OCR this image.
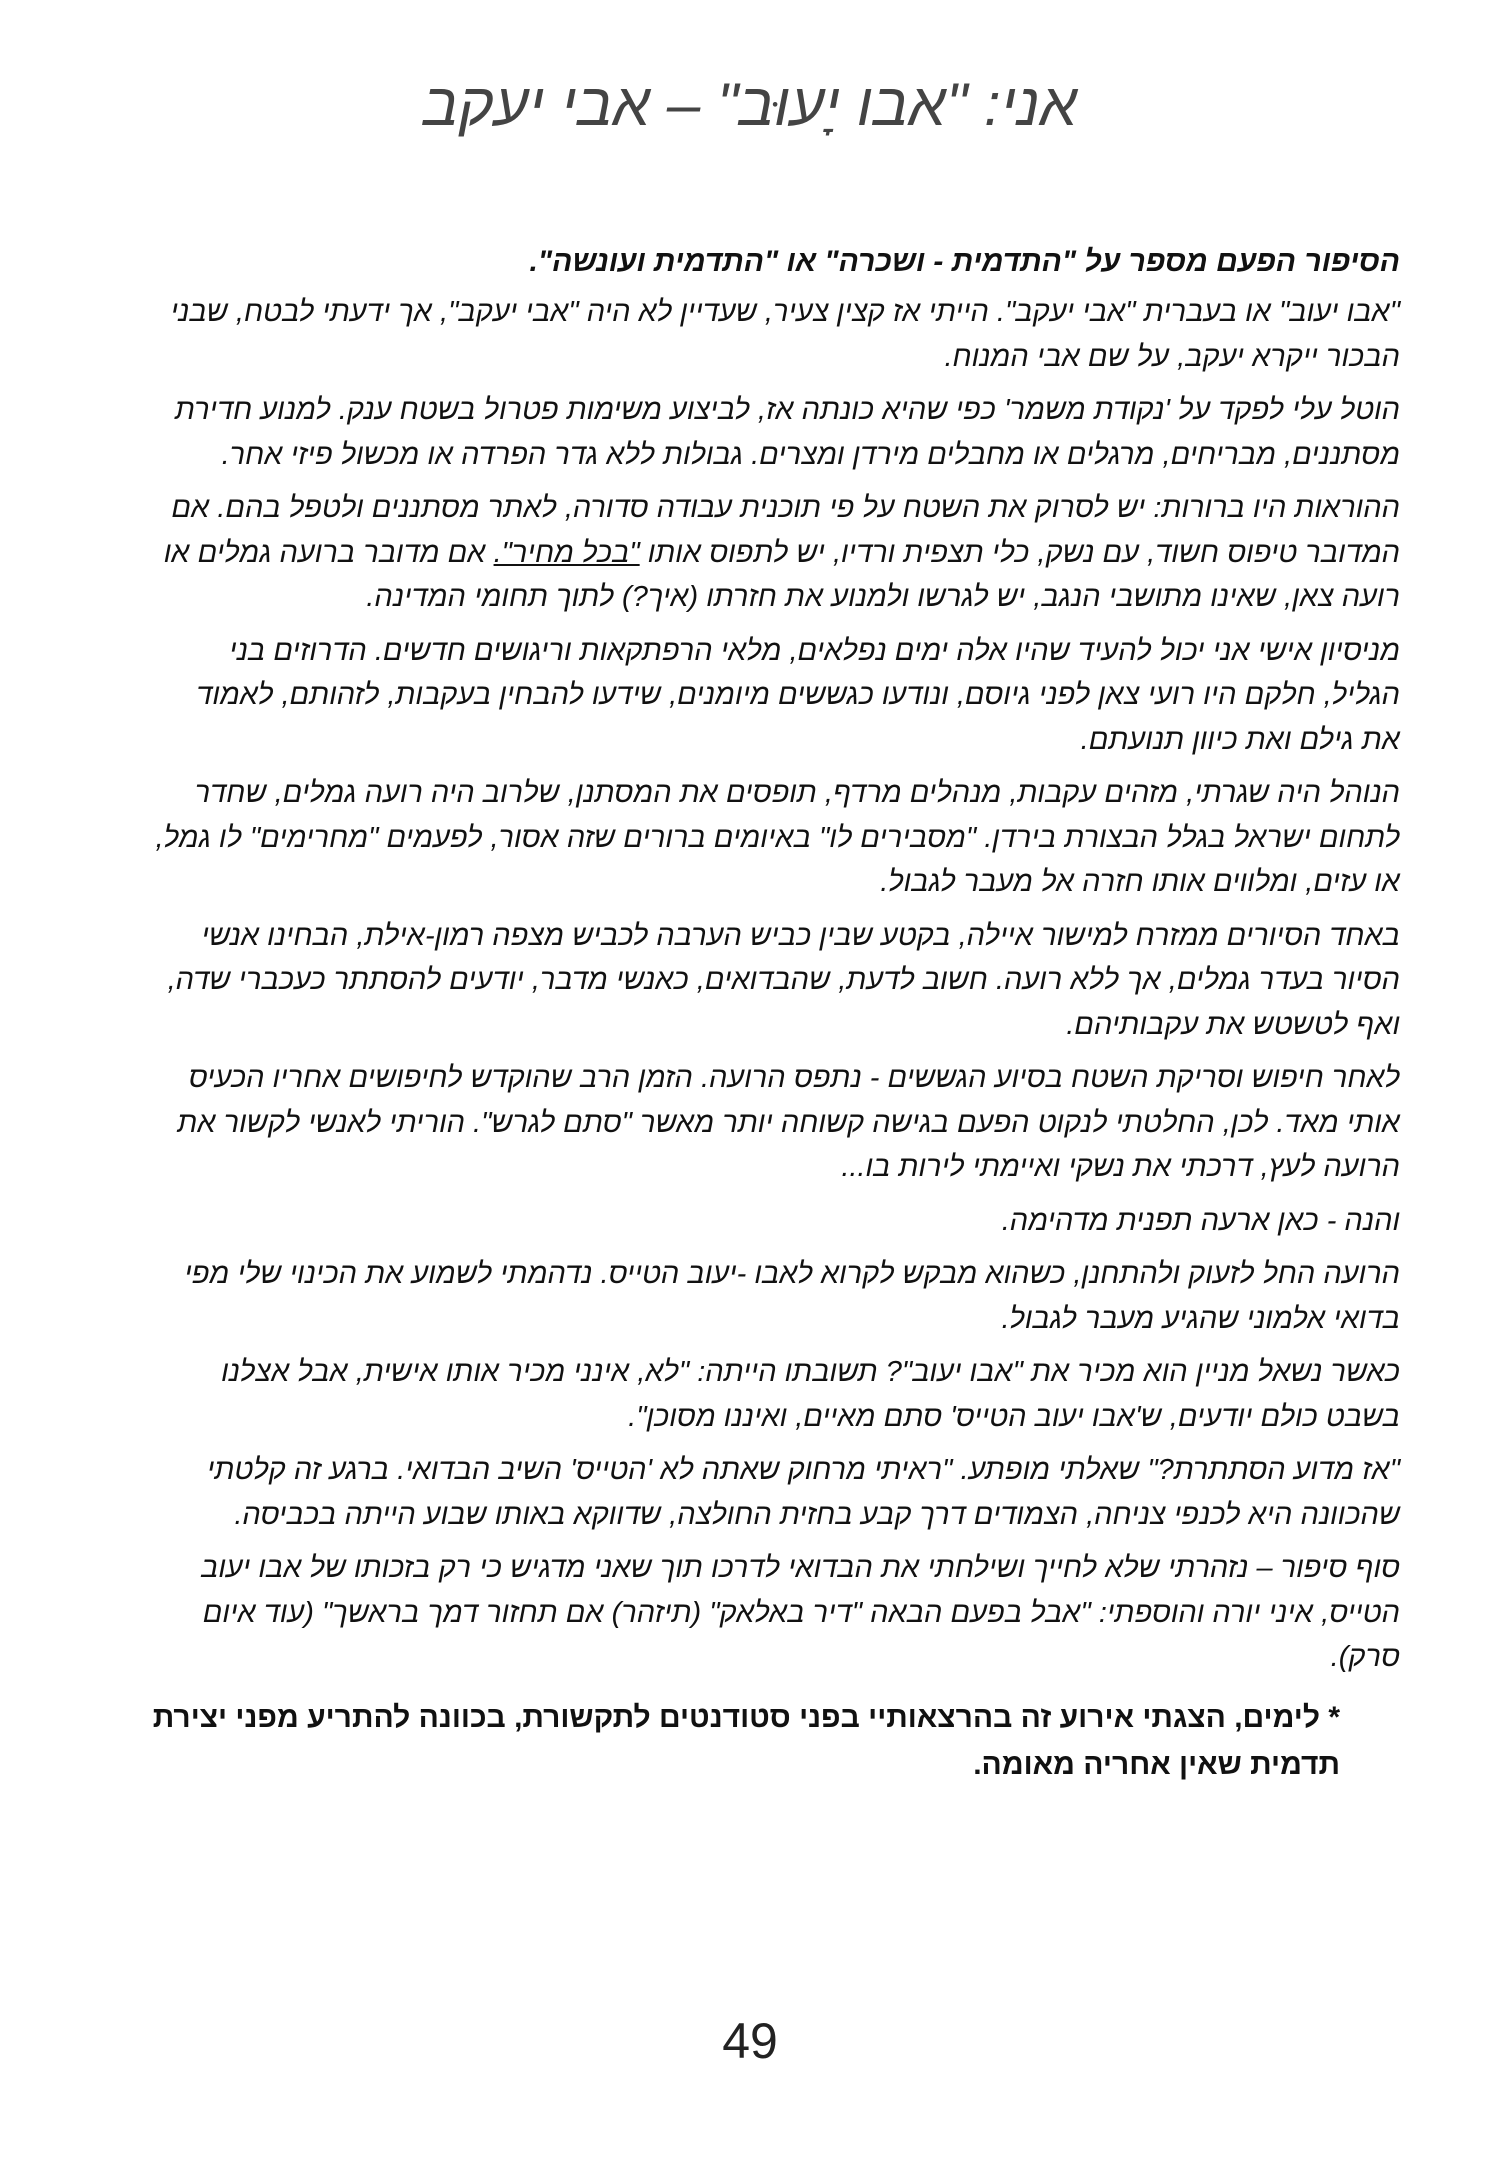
אני: "אבו יָעוּב" – אבי יעקב

הסיפור הפעם מספר על "התדמית - ושכרה" או "התדמית ועונשה".

"אבו יעוב" או בעברית "אבי יעקב". הייתי אז קצין צעיר, שעדיין לא היה "אבי יעקב", אך ידעתי לבטח, שבני הבכור ייקרא יעקב, על שם אבי המנוח.

הוטל עלי לפקד על 'נקודת משמר' כפי שהיא כונתה אז, לביצוע משימות פטרול בשטח ענק. למנוע חדירת מסתננים, מבריחים, מרגלים או מחבלים מירדן ומצרים. גבולות ללא גדר הפרדה או מכשול פיזי אחר.

ההוראות היו ברורות: יש לסרוק את השטח על פי תוכנית עבודה סדורה, לאתר מסתננים ולטפל בהם. אם המדובר טיפוס חשוד, עם נשק, כלי תצפית ורדיו, יש לתפוס אותו "בכל מחיר". אם מדובר ברועה גמלים או רועה צאן, שאינו מתושבי הנגב, יש לגרשו ולמנוע את חזרתו (איך?) לתוך תחומי המדינה.

מניסיון אישי אני יכול להעיד שהיו אלה ימים נפלאים, מלאי הרפתקאות וריגושים חדשים. הדרוזים בני הגליל, חלקם היו רועי צאן לפני גיוסם, ונודעו כגששים מיומנים, שידעו להבחין בעקבות, לזהותם, לאמוד את גילם ואת כיוון תנועתם.

הנוהל היה שגרתי, מזהים עקבות, מנהלים מרדף, תופסים את המסתנן, שלרוב היה רועה גמלים, שחדר לתחום ישראל בגלל הבצורת בירדן. "מסבירים לו" באיומים ברורים שזה אסור, לפעמים "מחרימים" לו גמל, או עזים, ומלווים אותו חזרה אל מעבר לגבול.

באחד הסיורים ממזרח למישור איילה, בקטע שבין כביש הערבה לכביש מצפה רמון-אילת, הבחינו אנשי הסיור בעדר גמלים, אך ללא רועה. חשוב לדעת, שהבדואים, כאנשי מדבר, יודעים להסתתר כעכברי שדה, ואף לטשטש את עקבותיהם.

לאחר חיפוש וסריקת השטח בסיוע הגששים - נתפס הרועה. הזמן הרב שהוקדש לחיפושים אחריו הכעיס אותי מאד. לכן, החלטתי לנקוט הפעם בגישה קשוחה יותר מאשר "סתם לגרש". הוריתי לאנשי לקשור את הרועה לעץ, דרכתי את נשקי ואיימתי לירות בו...

והנה - כאן ארעה תפנית מדהימה.

הרועה החל לזעוק ולהתחנן, כשהוא מבקש לקרוא לאבו -יעוב הטייס. נדהמתי לשמוע את הכינוי שלי מפי בדואי אלמוני שהגיע מעבר לגבול.

כאשר נשאל מניין הוא מכיר את "אבו יעוב"? תשובתו הייתה: "לא, אינני מכיר אותו אישית, אבל אצלנו בשבט כולם יודעים, ש'אבו יעוב הטייס' סתם מאיים, ואיננו מסוכן".

"אז מדוע הסתתרת?" שאלתי מופתע. "ראיתי מרחוק שאתה לא 'הטייס' השיב הבדואי. ברגע זה קלטתי שהכוונה היא לכנפי צניחה, הצמודים דרך קבע בחזית החולצה, שדווקא באותו שבוע הייתה בכביסה.

סוף סיפור – נזהרתי שלא לחייך ושילחתי את הבדואי לדרכו תוך שאני מדגיש כי רק בזכותו של אבו יעוב הטייס, איני יורה והוספתי: "אבל בפעם הבאה "דיר באלאק" (תיזהר) אם תחזור דמך בראשך" (עוד איום סרק).

* לימים, הצגתי אירוע זה בהרצאותיי בפני סטודנטים לתקשורת, בכוונה להתריע מפני יצירת תדמית שאין אחריה מאומה.

49
